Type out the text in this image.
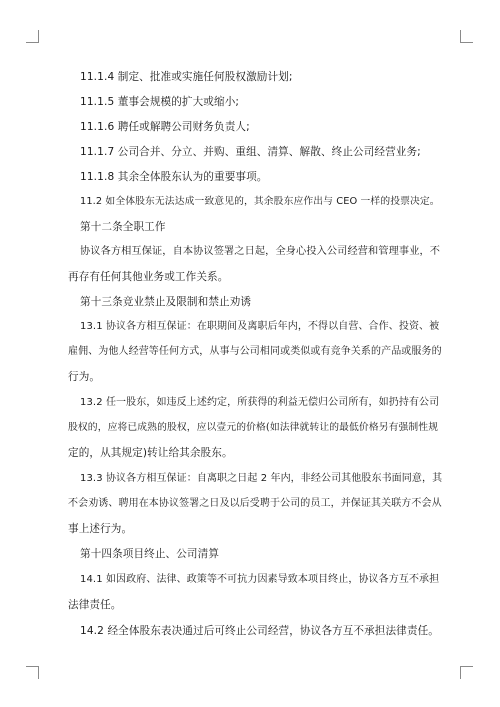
11.1.4 制定、批准或实施任何股权激励计划;
11.1.5 董事会规模的扩大或缩小;
11.1.6 聘任或解聘公司财务负责人;
11.1.7 公司合并、分立、并购、重组、清算、解散、终止公司经营业务;
11.1.8 其余全体股东认为的重要事项。
11.2 如全体股东无法达成一致意见的，其余股东应作出与 CEO 一样的投票决定。
第十二条全职工作
协议各方相互保证，自本协议签署之日起，全身心投入公司经营和管理事业，不
再存有任何其他业务或工作关系。
第十三条竞业禁止及限制和禁止劝诱
13.1 协议各方相互保证：在职期间及离职后年内，不得以自营、合作、投资、被
雇佣、为他人经营等任何方式，从事与公司相同或类似或有竞争关系的产品或服务的
行为。
13.2 任一股东，如违反上述约定，所获得的利益无偿归公司所有，如扔持有公司
股权的，应将已成熟的股权，应以壹元的价格(如法律就转让的最低价格另有强制性规
定的，从其规定)转让给其余股东。
13.3 协议各方相互保证：自离职之日起 2 年内，非经公司其他股东书面同意，其
不会劝诱、聘用在本协议签署之日及以后受聘于公司的员工，并保证其关联方不会从
事上述行为。
第十四条项目终止、公司清算
14.1 如因政府、法律、政策等不可抗力因素导致本项目终止，协议各方互不承担
法律责任。
14.2 经全体股东表决通过后可终止公司经营，协议各方互不承担法律责任。
